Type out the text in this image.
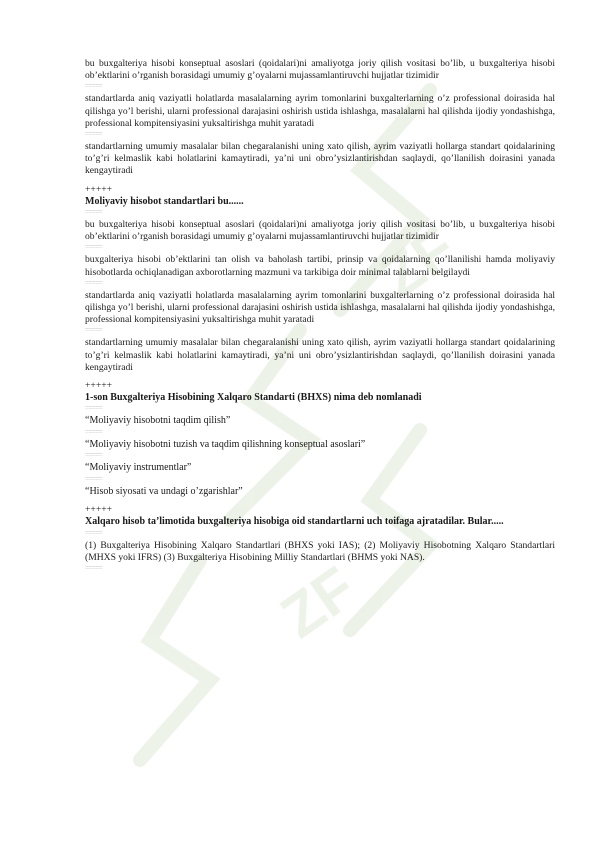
ZF
ZF

bu buxgalteriya hisobi konseptual asoslari (qoidalari)ni amaliyotga joriy qilish vositasi bo’lib, u buxgalteriya hisobi ob’ektlarini o’rganish borasidagi umumiy g’oyalarni mujassamlantiruvchi hujjatlar tizimidir

=====

standartlarda aniq vaziyatli holatlarda masalalarning ayrim tomonlarini buxgalterlarning o’z professional doirasida hal qilishga yo’l berishi, ularni professional darajasini oshirish ustida ishlashga, masalalarni hal qilishda ijodiy yondashishga, professional kompitensiyasini yuksaltirishga muhit yaratadi

=====

standartlarning umumiy masalalar bilan chegaralanishi uning xato qilish, ayrim vaziyatli hollarga standart qoidalarining to’g’ri kelmaslik kabi holatlarini kamaytiradi, ya’ni uni obro’ysizlantirishdan saqlaydi, qo’llanilish doirasini yanada kengaytiradi

+++++

Moliyaviy hisobot standartlari bu......

=====

bu buxgalteriya hisobi konseptual asoslari (qoidalari)ni amaliyotga joriy qilish vositasi bo’lib, u buxgalteriya hisobi ob’ektlarini o’rganish borasidagi umumiy g’oyalarni mujassamlantiruvchi hujjatlar tizimidir

=====

buxgalteriya hisobi ob’ektlarini tan olish va baholash tartibi, prinsip va qoidalarning qo’llanilishi hamda moliyaviy hisobotlarda ochiqlanadigan axborotlarning mazmuni va tarkibiga doir minimal talablarni belgilaydi

=====

standartlarda aniq vaziyatli holatlarda masalalarning ayrim tomonlarini buxgalterlarning o’z professional doirasida hal qilishga yo’l berishi, ularni professional darajasini oshirish ustida ishlashga, masalalarni hal qilishda ijodiy yondashishga, professional kompitensiyasini yuksaltirishga muhit yaratadi

=====

standartlarning umumiy masalalar bilan chegaralanishi uning xato qilish, ayrim vaziyatli hollarga standart qoidalarining to’g’ri kelmaslik kabi holatlarini kamaytiradi, ya’ni uni obro’ysizlantirishdan saqlaydi, qo’llanilish doirasini yanada kengaytiradi

+++++

1-son Buxgalteriya Hisobining Xalqaro Standarti (BHXS) nima deb nomlanadi

=====

“Moliyaviy hisobotni taqdim qilish”

=====

“Moliyaviy hisobotni tuzish va taqdim qilishning konseptual asoslari”

=====

“Moliyaviy instrumentlar”

=====

“Hisob siyosati va undagi o’zgarishlar”

+++++

Xalqaro hisob ta’limotida buxgalteriya hisobiga oid standartlarni uch toifaga ajratadilar. Bular.....

=====

(1) Buxgalteriya Hisobining Xalqaro Standartlari (BHXS yoki IAS); (2) Moliyaviy Hisobotning Xalqaro Standartlari (MHXS yoki IFRS) (3) Buxgalteriya Hisobining Milliy Standartlari (BHMS yoki NAS).

=====
